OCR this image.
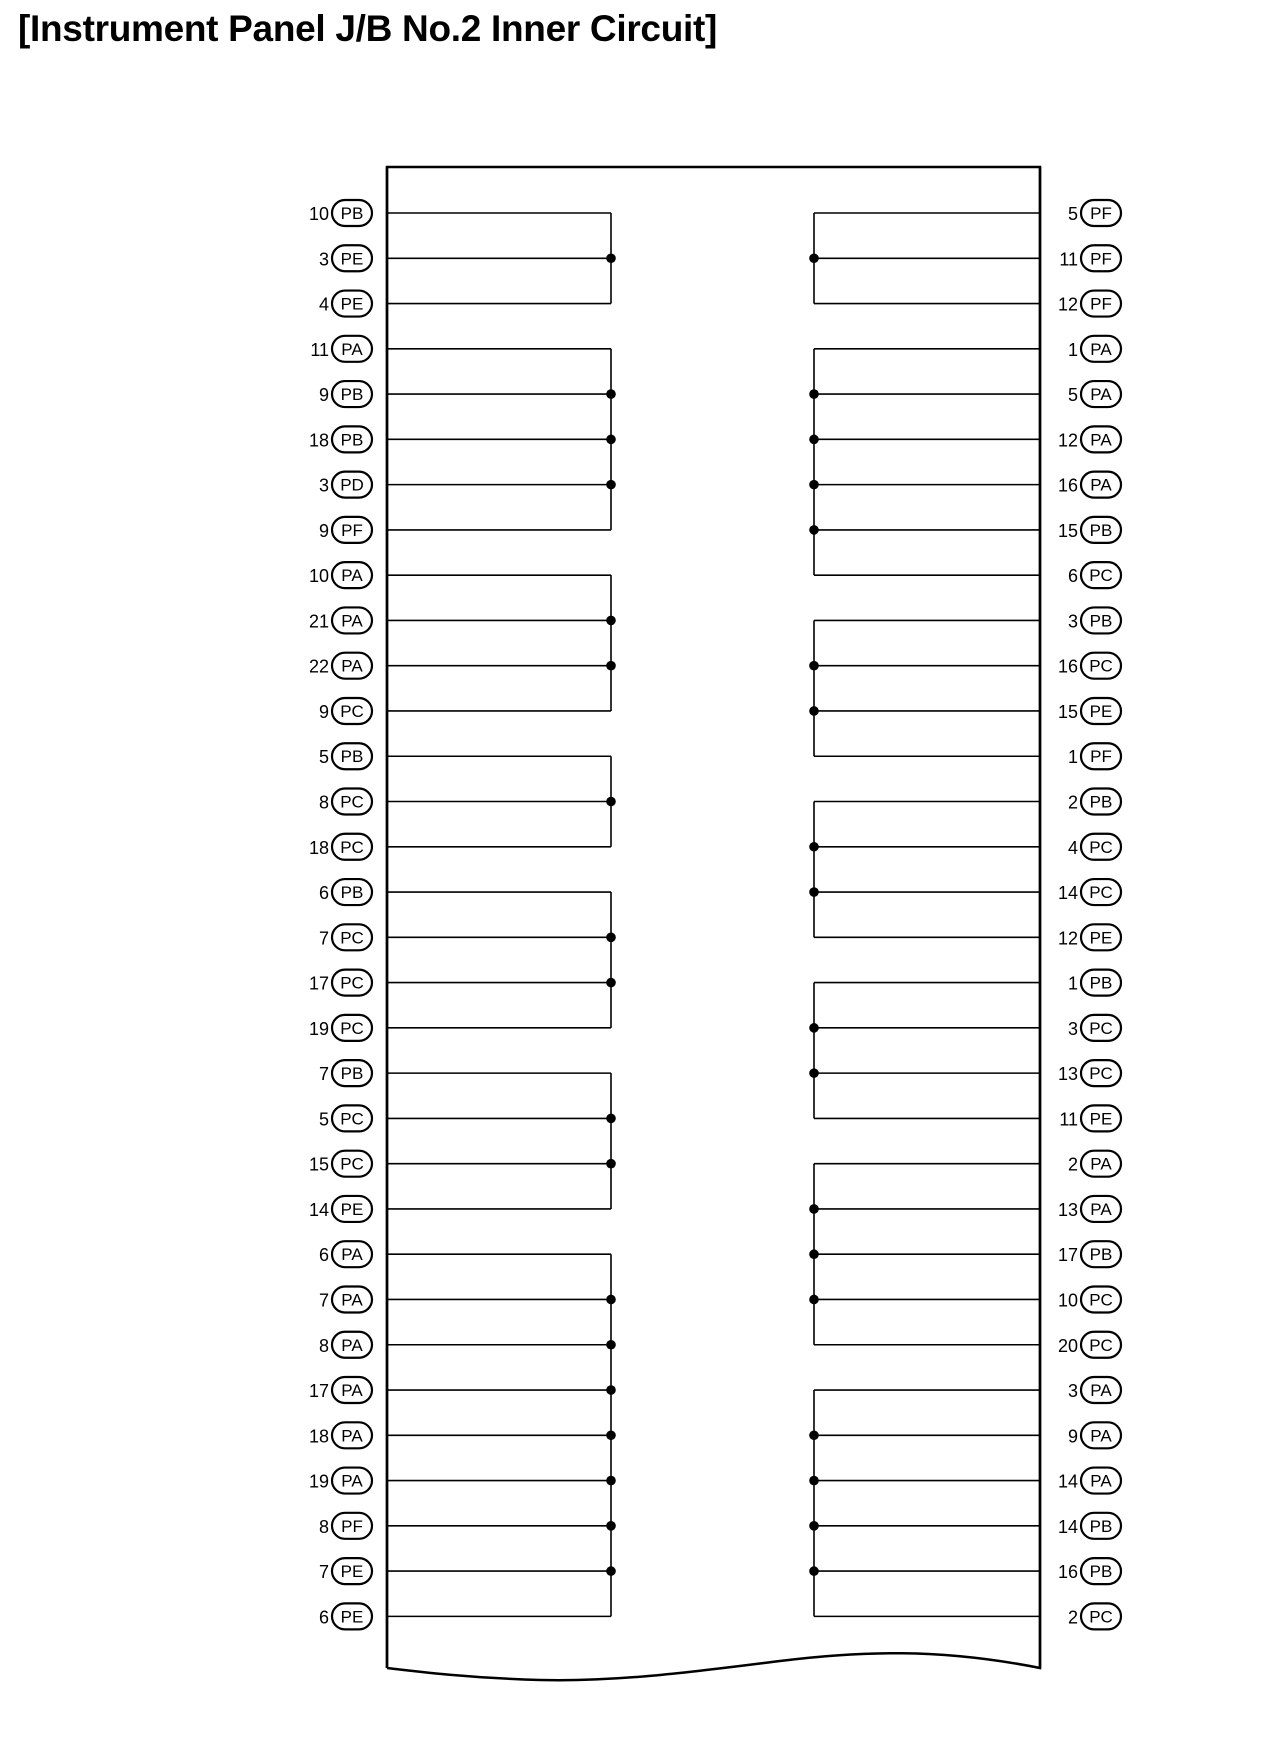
[Instrument Panel J/B No.2 Inner Circuit]
PB
10
PE
3
PE
4
PA
11
PB
9
PB
18
PD
3
PF
9
PA
10
PA
21
PA
22
PC
9
PB
5
PC
8
PC
18
PB
6
PC
7
PC
17
PC
19
PB
7
PC
5
PC
15
PE
14
PA
6
PA
7
PA
8
PA
17
PA
18
PA
19
PF
8
PE
7
PE
6
PF
5
PF
11
PF
12
PA
1
PA
5
PA
12
PA
16
PB
15
PC
6
PB
3
PC
16
PE
15
PF
1
PB
2
PC
4
PC
14
PE
12
PB
1
PC
3
PC
13
PE
11
PA
2
PA
13
PB
17
PC
10
PC
20
PA
3
PA
9
PA
14
PB
14
PB
16
PC
2
